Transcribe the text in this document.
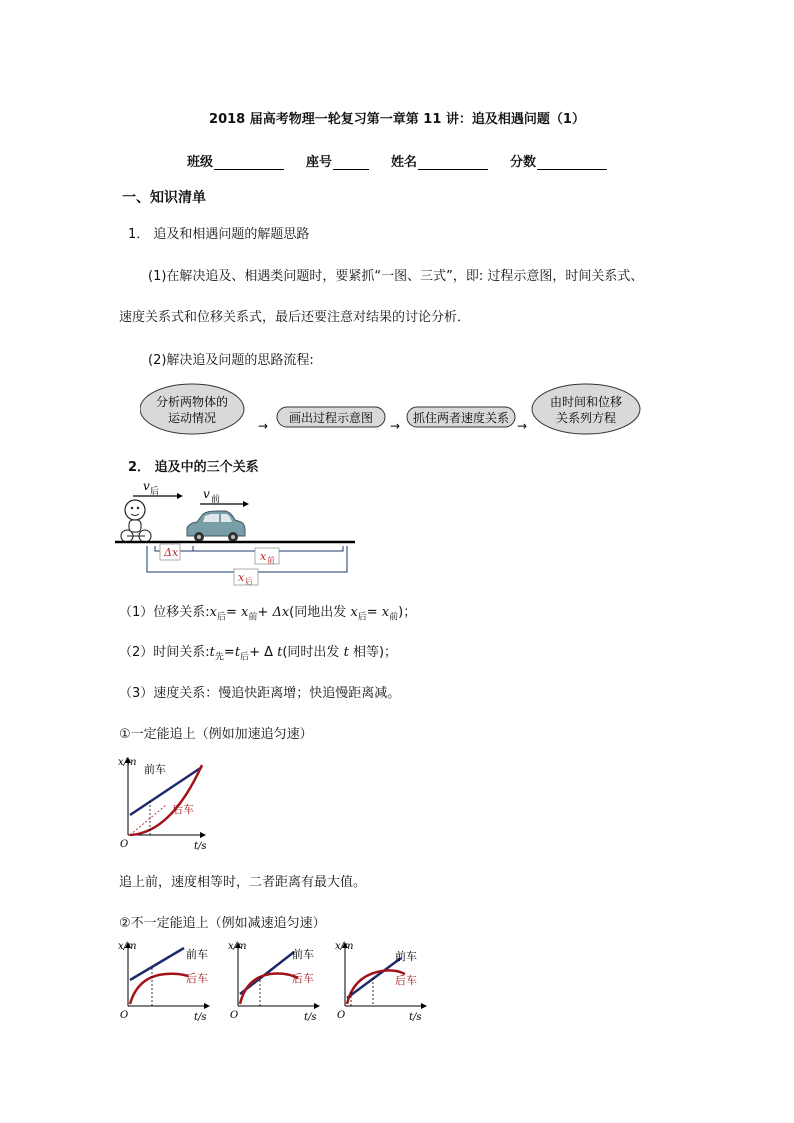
2018 届高考物理一轮复习第一章第 11 讲：追及相遇问题（1）
班级	座号	姓名	分数
一、知识清单
1． 追及和相遇问题的解题思路
(1)在解决追及、相遇类问题时，要紧抓“一图、三式”，即: 过程示意图，时间关系式、
速度关系式和位移关系式，最后还要注意对结果的讨论分析．
(2)解决追及问题的思路流程:
分析两物体的
运动情况
→
画出过程示意图
→
抓住两者速度关系
→
由时间和位移
关系列方程
2． 追及中的三个关系
v 后	v 前
Δx	x 前
x 后
（1）位移关系$:x_后= x_前+ \Delta x$(同地出发 $x_后= x_前$)；
（2）时间关系$:t_先=t_后+ \Delta$ t(同时出发 t 相等)；
（3）速度关系：慢追快距离增；快追慢距离减。
①一定能追上（例如加速追匀速）
x/m
t/s
O
前车
后车
追上前，速度相等时，二者距离有最大值。
②不一定能追上（例如减速追匀速）
x/m
t/s
O
前车
后车
x/m
t/s
O
前车
后车
x/m
t/s
O
前车
后车
